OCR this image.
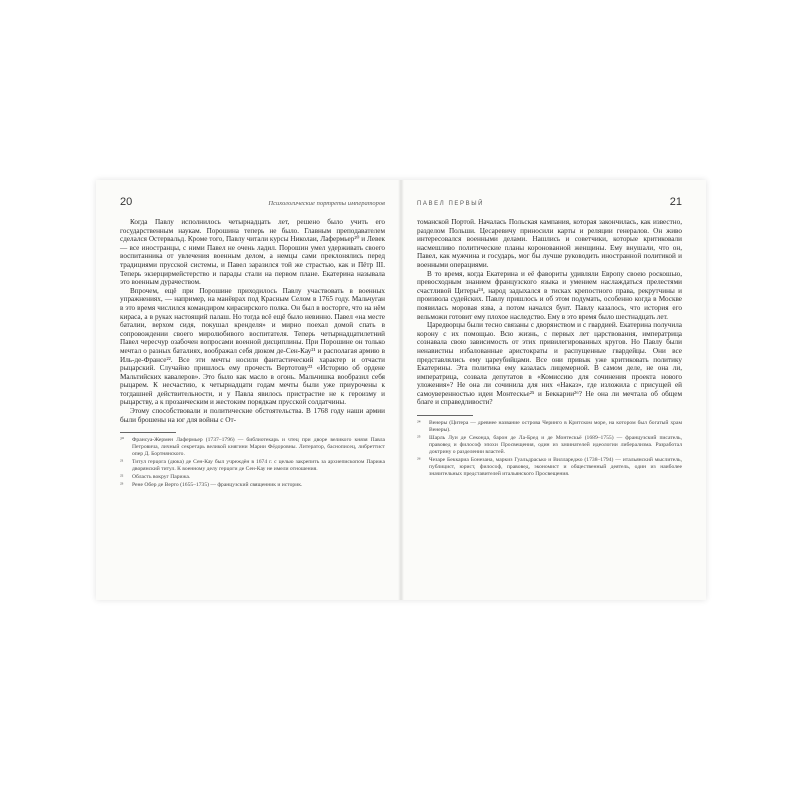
20	Психологические портреты императоров

Когда Павлу исполнилось четырнадцать лет, решено было учить его государственным наукам. Порошина теперь не было. Главным преподавателем сделался Остервальд. Кроме того, Павлу читали курсы Николаи, Лафермьер²⁰ и Левек — все иностранцы, с ними Павел не очень ладил. Порошин умел удерживать своего воспитанника от увлечения военным делом, а немцы сами преклонялись перед традициями прусской системы, и Павел заразился той же страстью, как и Пётр III. Теперь экзерцирмейстерство и парады стали на первом плане. Екатерина называла это военным дурачеством.

Впрочем, ещё при Порошине приходилось Павлу участвовать в военных упражнениях, — например, на манёврах под Красным Селом в 1765 году. Мальчуган в это время числился командиром кирасирского полка. Он был в восторге, что на нём кираса, а в руках настоящий палаш. Но тогда всё ещё было невинно. Павел «на месте баталии, верхом сидя, покушал кренделя» и мирно поехал домой спать в сопровождении своего миролюбивого воспитателя. Теперь четырнадцатилетний Павел чересчур озабочен вопросами военной дисциплины. При Порошине он только мечтал о разных баталиях, воображал себя дюком де-Сен-Кау²¹ и располагая армию в Иль-де-Франсе²². Все эти мечты носили фантастический характер и отчасти рыцарский. Случайно пришлось ему прочесть Вертотову²³ «Историю об ордене Мальтийских кавалеров». Это было как масло в огонь. Мальчишка вообразил себя рыцарем. К несчастию, к четырнадцати годам мечты были уже приурочены к тогдашней действительности, и у Павла явилось пристрастие не к героизму и рыцарству, а к прозаическим и жестоким порядкам прусской солдатчины.

Этому способствовали и политические обстоятельства. В 1768 году наши армии были брошены на юг для войны с От-

²⁰	Франсуа-Жермен Лафермьер (1737–1796) — библиотекарь и чтец при дворе великого князя Павла Петровича, личный секретарь великой княгини Марии Фёдоровны. Литератор, баснописец, либреттист опер Д. Бортнянского.
²¹	Титул герцога (дюка) де Сен-Кау был учреждён в 1674 г. с целью закрепить за архиепископом Парижа дворянский титул. К военному делу герцоги де Сен-Кау не имели отношения.
²²	Область вокруг Парижа.
²³	Рене Обер де Верто (1655–1735) — французский священник и историк.
ПАВЕЛ ПЕРВЫЙ	21

томанской Портой. Началась Польская кампания, которая закончилась, как известно, разделом Польши. Цесаревичу приносили карты и реляции генералов. Он живо интересовался военными делами. Нашлись и советчики, которые критиковали насмешливо политические планы коронованной женщины. Ему внушали, что он, Павел, как мужчина и государь, мог бы лучше руководить иностранной политикой и военными операциями.

В то время, когда Екатерина и её фавориты удивляли Европу своею роскошью, превосходным знанием французского языка и умением наслаждаться прелестями счастливой Цитеры²⁴, народ задыхался в тисках крепостного права, рекрутчины и произвола судейских. Павлу пришлось и об этом подумать, особенно когда в Москве появилась моровая язва, а потом начался бунт. Павлу казалось, что история его вельможи готовит ему плохое наследство. Ему в это время было шестнадцать лет.

Царедворцы были тесно связаны с дворянством и с гвардией. Екатерина получила корону с их помощью. Всю жизнь, с первых лет царствования, императрица сознавала свою зависимость от этих привилегированных кругов. Но Павлу были ненавистны избалованные аристократы и распущенные гвардейцы. Они все представлялись ему цареубийцами. Все они привык уже критиковать политику Екатерины. Эта политика ему казалась лицемерной. В самом деле, не она ли, императрица, созвала депутатов в «Комиссию для сочинения проекта нового уложения»? Не она ли сочинила для них «Наказ», где изложила с присущей ей самоуверенностью идеи Монтескье²⁵ и Беккарии²⁶? Не она ли мечтала об общем благе и справедливости?

²⁴	Венеры (Цитера — древнее название острова Черинго в Критском море, на котором был богатый храм Венеры).
²⁵	Шарль Луи де Секонда, барон де Ла-Бред и де Монтескьё (1689–1755) — французский писатель, правовед и философ эпохи Просвещения, один из зачинателей идеологии либерализма. Разработал доктрину о разделении властей.
²⁶	Чезаре Беккариа Бонезана, маркиз Гуальдрасько и Виллареджо (1738–1794) — итальянский мыслитель, публицист, юрист, философ, правовед, экономист и общественный деятель, один из наиболее значительных представителей итальянского Просвещения.
